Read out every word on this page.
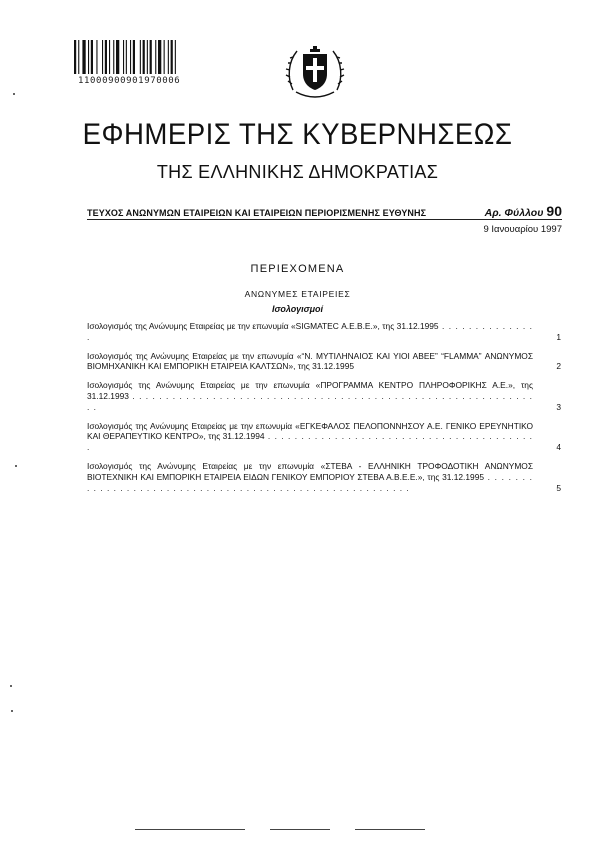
11000900901970006
ΕΦΗΜΕΡΙΣ ΤΗΣ ΚΥΒΕΡΝΗΣΕΩΣ
ΤΗΣ ΕΛΛΗΝΙΚΗΣ ΔΗΜΟΚΡΑΤΙΑΣ
ΤΕΥΧΟΣ ΑΝΩΝΥΜΩΝ ΕΤΑΙΡΕΙΩΝ ΚΑΙ ΕΤΑΙΡΕΙΩΝ ΠΕΡΙΟΡΙΣΜΕΝΗΣ ΕΥΘΥΝΗΣ	Αρ. Φύλλου 90
9 Ιανουαρίου 1997
ΠΕΡΙΕΧΟΜΕΝΑ
ΑΝΩΝΥΜΕΣ ΕΤΑΙΡΕΙΕΣ
Ισολογισμοί
Ισολογισμός της Ανώνυμης Εταιρείας με την επωνυμία «SIGMATEC Α.Ε.Β.Ε.», της 31.12.1995 . . . . . . . . . . . . . . .	1
Ισολογισμός της Ανώνυμης Εταιρείας με την επωνυμία «“Ν. ΜΥΤΙΛΗΝΑΙΟΣ ΚΑΙ ΥΙΟΙ ΑΒΕΕ” “FLAMMA” ΑΝΩΝΥΜΟΣ ΒΙΟΜΗΧΑΝΙΚΗ ΚΑΙ ΕΜΠΟΡΙΚΗ ΕΤΑΙΡΕΙΑ ΚΑΛΤΣΩΝ», της 31.12.1995	2
Ισολογισμός της Ανώνυμης Εταιρείας με την επωνυμία «ΠΡΟΓΡΑΜΜΑ ΚΕΝΤΡΟ ΠΛΗΡΟΦΟΡΙΚΗΣ Α.Ε.», της 31.12.1993 . . . . . . . . . . . . . . . . . . . . . . . . . . . . . . . . . . . . . . . . . . . . . . . . . . . . . . . . . . . . . .	3
Ισολογισμός της Ανώνυμης Εταιρείας με την επωνυμία «ΕΓΚΕΦΑΛΟΣ ΠΕΛΟΠΟΝΝΗΣΟΥ Α.Ε. ΓΕΝΙΚΟ ΕΡΕΥΝΗΤΙΚΟ ΚΑΙ ΘΕΡΑΠΕΥΤΙΚΟ ΚΕΝΤΡΟ», της 31.12.1994 . . . . . . . . . . . . . . . . . . . . . . . . . . . . . . . . . . . . . . . . .	4
Ισολογισμός της Ανώνυμης Εταιρείας με την επωνυμία «ΣΤΕΒΑ - ΕΛΛΗΝΙΚΗ ΤΡΟΦΟΔΟΤΙΚΗ ΑΝΩΝΥΜΟΣ ΒΙΟΤΕΧΝΙΚΗ ΚΑΙ ΕΜΠΟΡΙΚΗ ΕΤΑΙΡΕΙΑ ΕΙΔΩΝ ΓΕΝΙΚΟΥ ΕΜΠΟΡΙΟΥ ΣΤΕΒΑ Α.Β.Ε.Ε.», της 31.12.1995 . . . . . . . . . . . . . . . . . . . . . . . . . . . . . . . . . . . . . . . . . . . . . . . . . . . . . . . .	5
